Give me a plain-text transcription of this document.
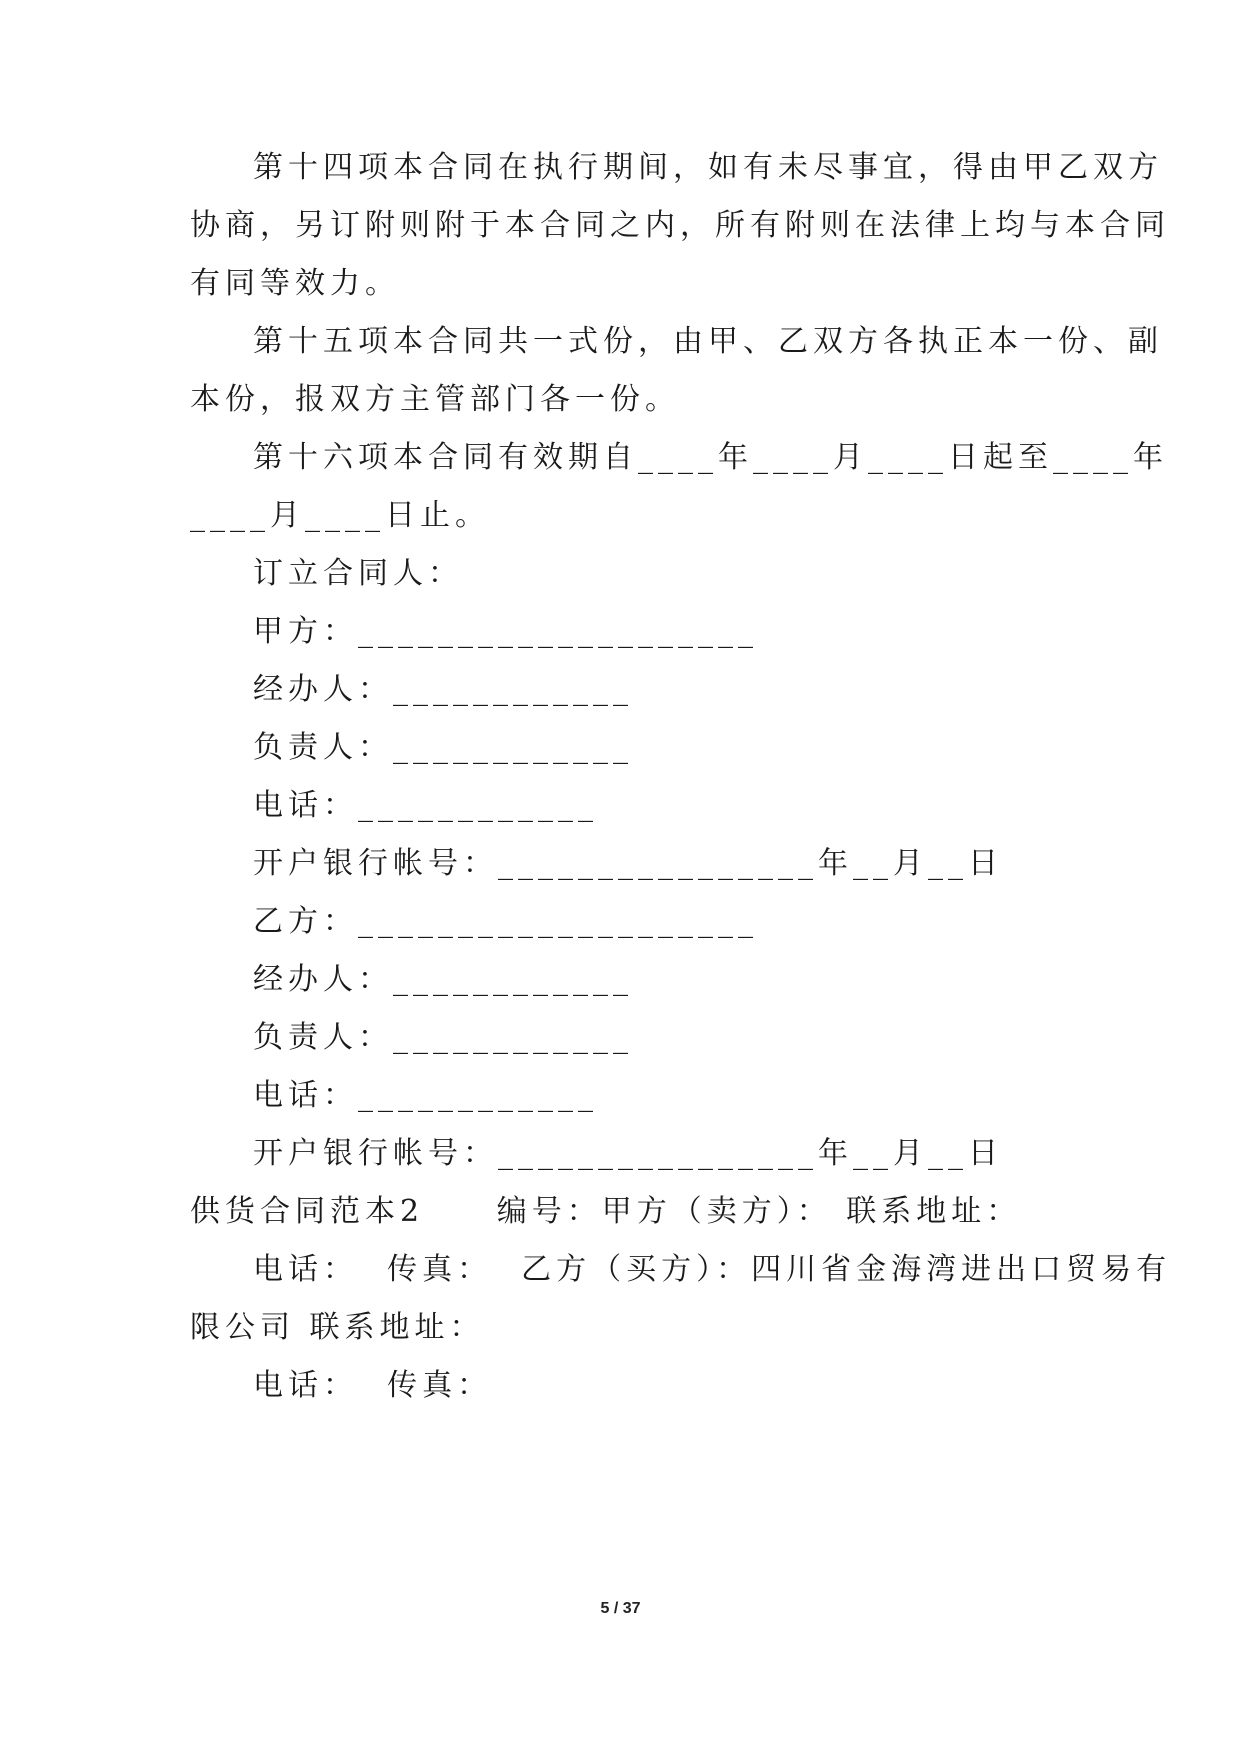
第十四项本合同在执行期间，如有未尽事宜，得由甲乙双方
协商，另订附则附于本合同之内，所有附则在法律上均与本合同
有同等效力。
第十五项本合同共一式份，由甲、乙双方各执正本一份、副
本份，报双方主管部门各一份。
第十六项本合同有效期自____年____月____日起至____年
____月____日止。
订立合同人：
甲方：____________________
经办人：____________
负责人：____________
电话：____________
开户银行帐号：________________年__月__日
乙方：____________________
经办人：____________
负责人：____________
电话：____________
开户银行帐号：________________年__月__日
供货合同范本2     编号：甲方（卖方）： 联系地址：
电话：  传真：  乙方（买方）：四川省金海湾进出口贸易有
限公司 联系地址：
电话：  传真：
5 / 37
